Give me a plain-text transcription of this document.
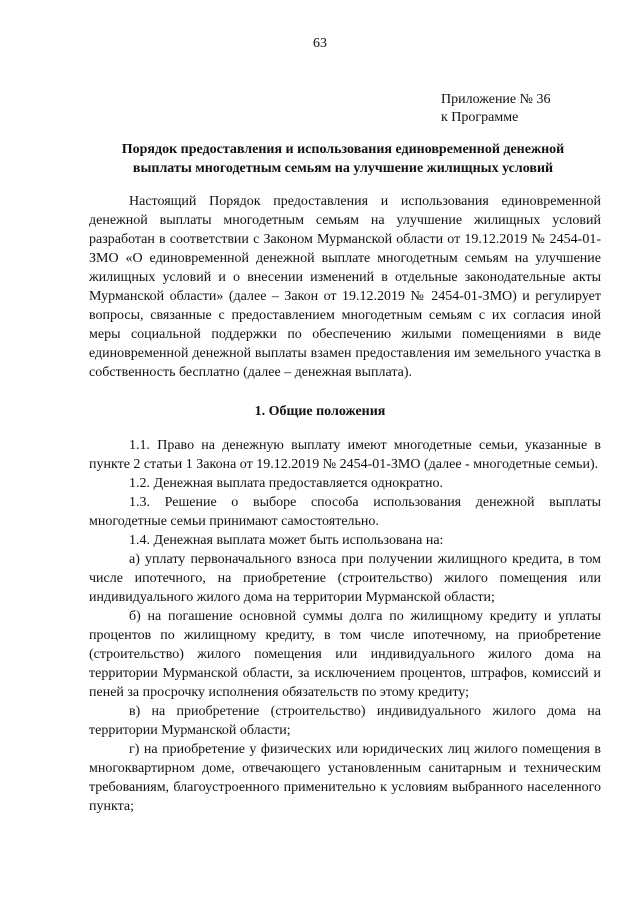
63
Приложение № 36
к Программе
Порядок предоставления и использования единовременной денежной выплаты многодетным семьям на улучшение жилищных условий

Настоящий Порядок предоставления и использования единовременной денежной выплаты многодетным семьям на улучшение жилищных условий разработан в соответствии с Законом Мурманской области от 19.12.2019 № 2454-01-ЗМО «О единовременной денежной выплате многодетным семьям на улучшение жилищных условий и о внесении изменений в отдельные законодательные акты Мурманской области» (далее – Закон от 19.12.2019 № 2454-01-ЗМО) и регулирует вопросы, связанные с предоставлением многодетным семьям с их согласия иной меры социальной поддержки по обеспечению жилыми помещениями в виде единовременной денежной выплаты взамен предоставления им земельного участка в собственность бесплатно (далее – денежная выплата).

1. Общие положения

1.1. Право на денежную выплату имеют многодетные семьи, указанные в пункте 2 статьи 1 Закона от 19.12.2019 № 2454-01-ЗМО (далее - многодетные семьи).

1.2. Денежная выплата предоставляется однократно.

1.3. Решение о выборе способа использования денежной выплаты многодетные семьи принимают самостоятельно.

1.4. Денежная выплата может быть использована на:

а) уплату первоначального взноса при получении жилищного кредита, в том числе ипотечного, на приобретение (строительство) жилого помещения или индивидуального жилого дома на территории Мурманской области;

б) на погашение основной суммы долга по жилищному кредиту и уплаты процентов по жилищному кредиту, в том числе ипотечному, на приобретение (строительство) жилого помещения или индивидуального жилого дома на территории Мурманской области, за исключением процентов, штрафов, комиссий и пеней за просрочку исполнения обязательств по этому кредиту;

в) на приобретение (строительство) индивидуального жилого дома на территории Мурманской области;

г) на приобретение у физических или юридических лиц жилого помещения в многоквартирном доме, отвечающего установленным санитарным и техническим требованиям, благоустроенного применительно к условиям выбранного населенного пункта;
